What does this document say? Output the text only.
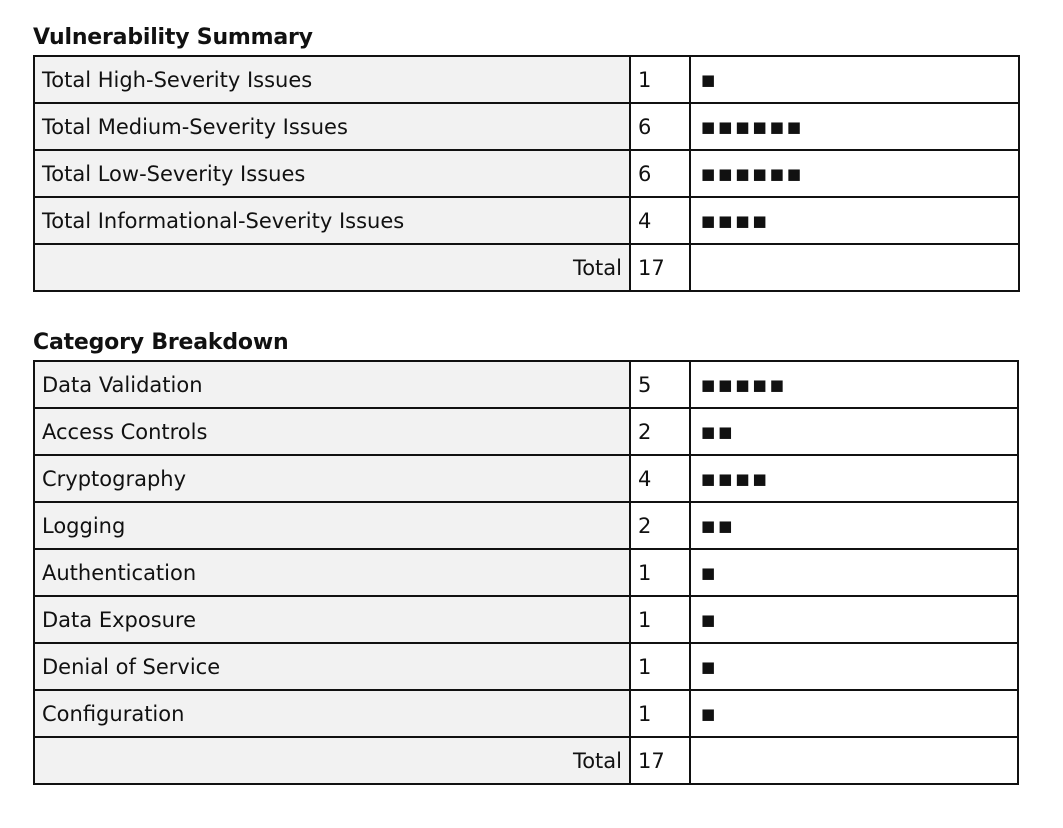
Vulnerability Summary
Total High-Severity Issues	1	■
Total Medium-Severity Issues	6	■■■■■■
Total Low-Severity Issues	6	■■■■■■
Total Informational-Severity Issues	4	■■■■
Total	17	
Category Breakdown
Data Validation	5	■■■■■
Access Controls	2	■■
Cryptography	4	■■■■
Logging	2	■■
Authentication	1	■
Data Exposure	1	■
Denial of Service	1	■
Configuration	1	■
Total	17	
